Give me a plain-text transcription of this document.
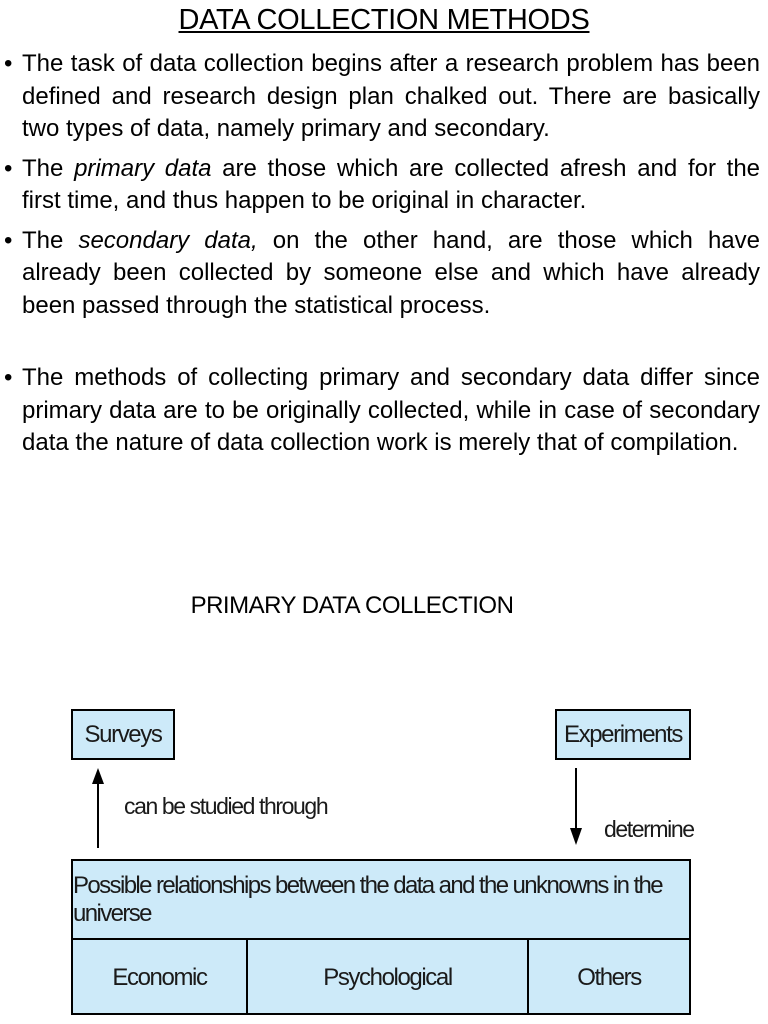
DATA COLLECTION METHODS
• The task of data collection begins after a research problem has been defined and research design plan chalked out. There are basically two types of data, namely primary and secondary.
• The primary data are those which are collected afresh and for the first time, and thus happen to be original in character.
• The secondary data, on the other hand, are those which have already been collected by someone else and which have already been passed through the statistical process.
• The methods of collecting primary and secondary data differ since primary data are to be originally collected, while in case of secondary data the nature of data collection work is merely that of compilation.
PRIMARY DATA COLLECTION
Surveys	Experiments
can be studied through
determine
Possible relationships between the data and the unknowns in the universe
Economic	Psychological	Others
